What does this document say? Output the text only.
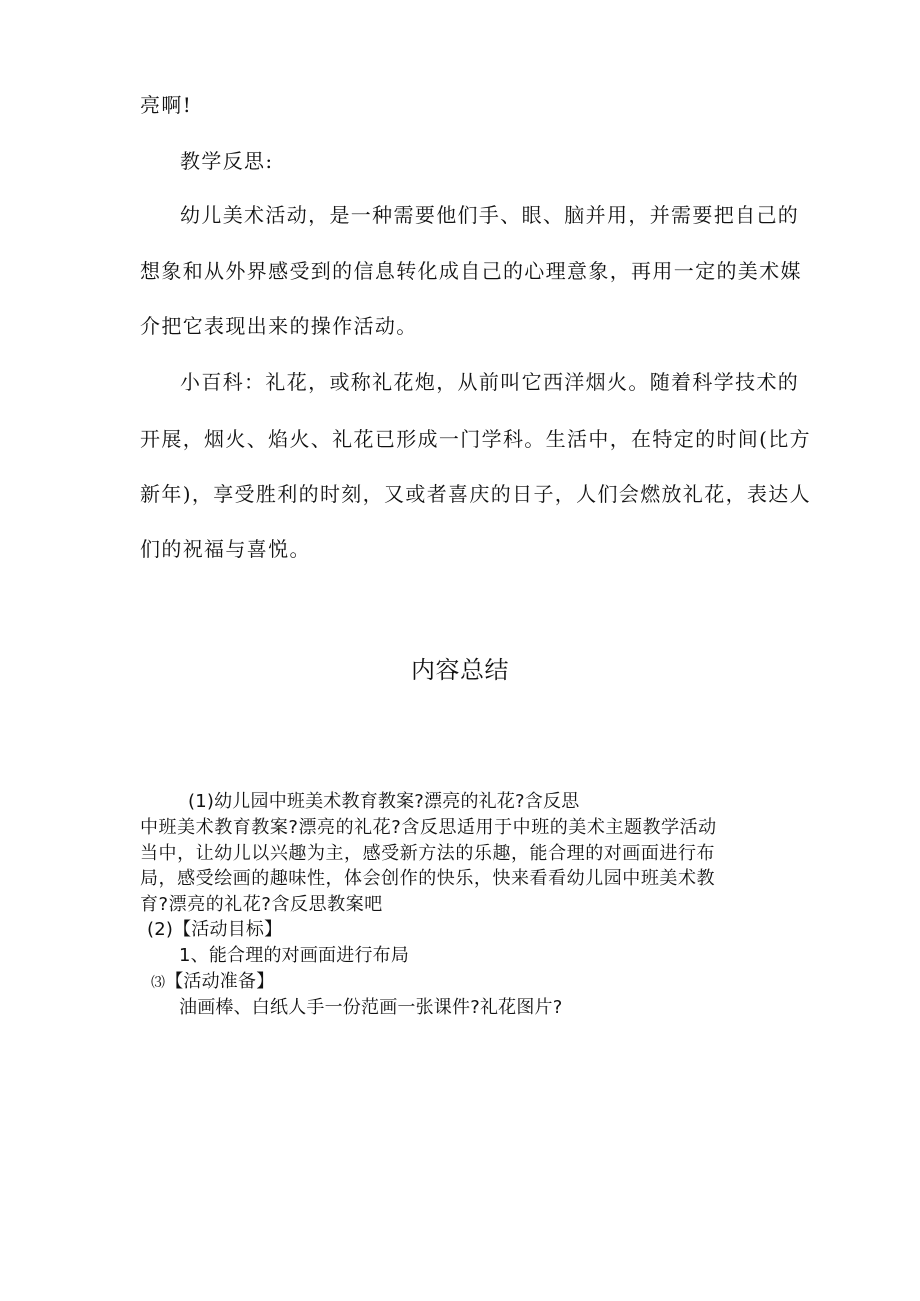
亮啊!
教学反思:
幼儿美术活动，是一种需要他们手、眼、脑并用，并需要把自己的
想象和从外界感受到的信息转化成自己的心理意象，再用一定的美术媒
介把它表现出来的操作活动。
小百科：礼花，或称礼花炮，从前叫它西洋烟火。随着科学技术的
开展，烟火、焰火、礼花已形成一门学科。生活中，在特定的时间(比方
新年)，享受胜利的时刻，又或者喜庆的日子，人们会燃放礼花，表达人
们的祝福与喜悦。
内容总结
(1)幼儿园中班美术教育教案?漂亮的礼花?含反思
中班美术教育教案?漂亮的礼花?含反思适用于中班的美术主题教学活动
当中，让幼儿以兴趣为主，感受新方法的乐趣，能合理的对画面进行布
局，感受绘画的趣味性，体会创作的快乐，快来看看幼儿园中班美术教
育?漂亮的礼花?含反思教案吧
(2)【活动目标】
1、能合理的对画面进行布局
⑶【活动准备】
油画棒、白纸人手一份范画一张课件?礼花图片?
